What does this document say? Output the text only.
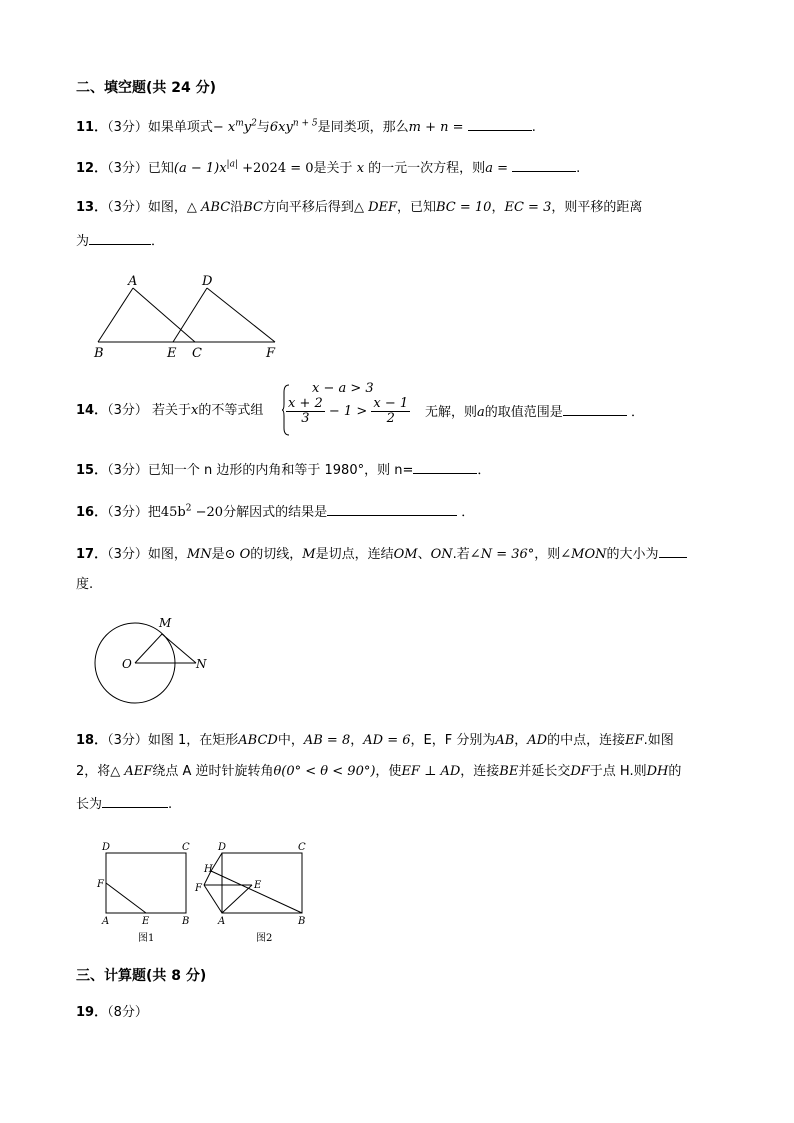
二、填空题(共 24 分)
11．（3分）如果单项式− $x^my^2$与$6xy^{n + 5}$是同类项，那么m + n =	.
12．（3分）已知$(a - 1)x^{|a|} +2024 = 0$是关于 x 的一元一次方程，则a =	.
13．（3分）如图，△ ABC沿BC方向平移后得到△ DEF，已知BC = 10，EC = 3，则平移的距离
为	．
A	D
B	E C	F
14．（3分） 若关于x的不等式组
x − a > 3
$\frac{x + 2}{3} - 1 > \frac{x - 1}{2}$ 无解，则a的取值范围是	．
15．（3分）已知一个 n 边形的内角和等于 1980°，则 n=	．
16．（3分）把$45b^2 -20$分解因式的结果是	．
17．（3分）如图，MN是⊙ O的切线，M是切点，连结OM、ON.若∠N = 36°，则∠MON的大小为
度.
M
O	N
18．（3分）如图 1，在矩形ABCD中，AB = 8，AD = 6，E，F 分别为AB，AD的中点，连接EF.如图
2，将△ AEF绕点 A 逆时针旋转角θ(0° < θ < 90°)，使EF ⊥ AD，连接BE并延长交DF于点 H.则DH的
长为	.
D	C
F
A	E	B
图1
D	C
H
F	E
A	B
图2
三、计算题(共 8 分)
19．（8分）
